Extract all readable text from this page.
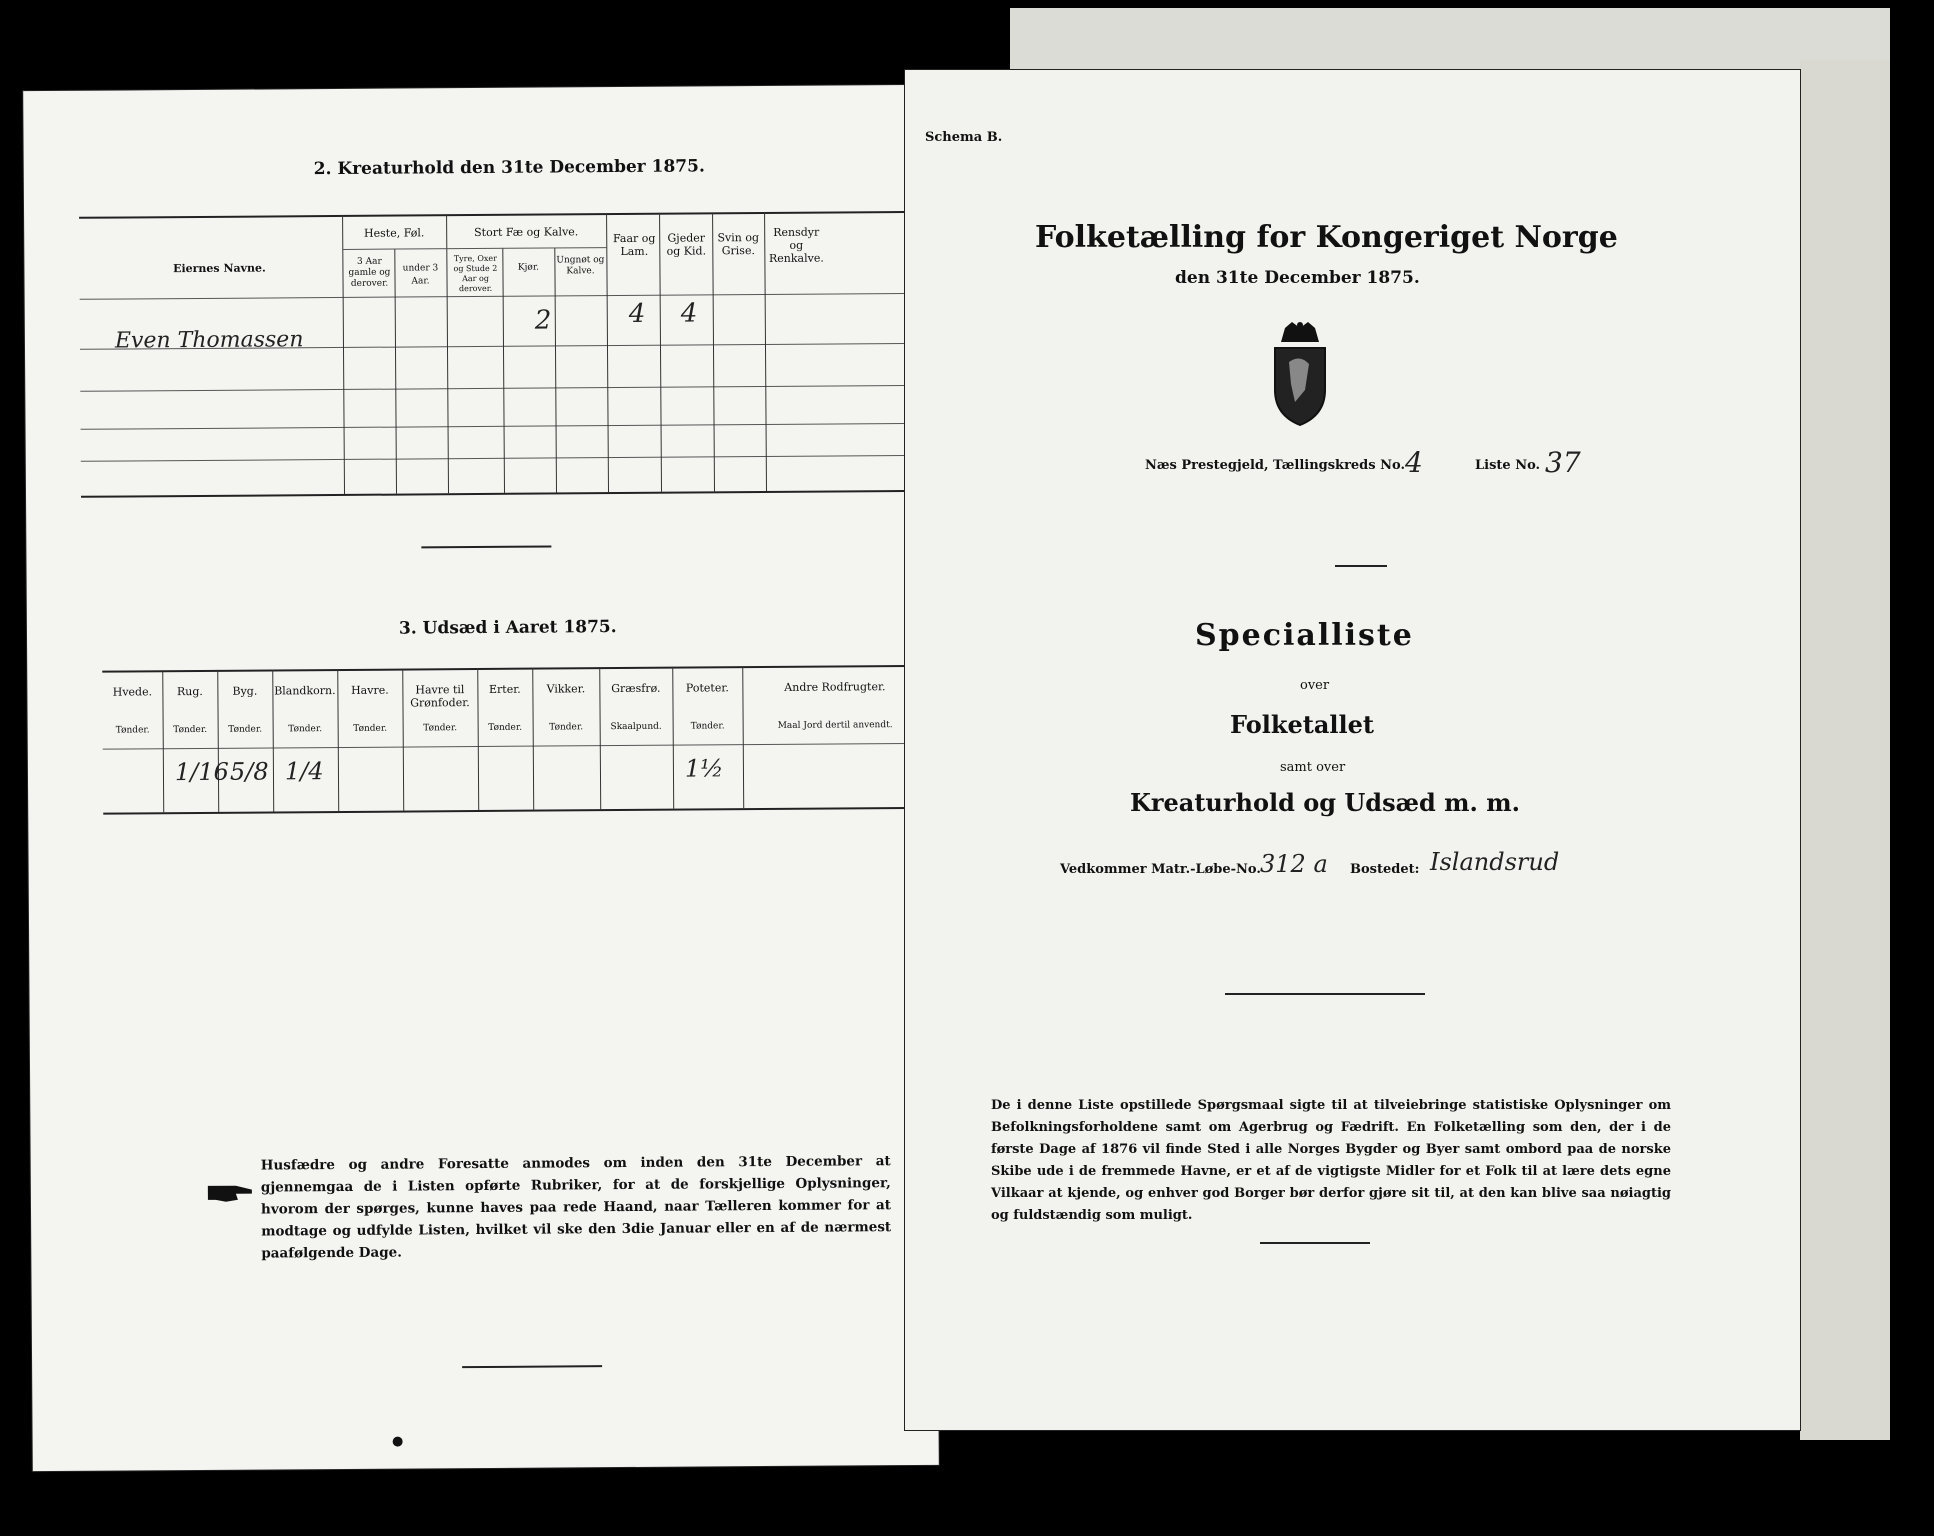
2. Kreaturhold den 31te December 1875.
Eiernes Navne.
Heste, Føl.
3 Aar gamle og derover.
under 3 Aar.
Stort Fæ og Kalve.
Tyre, Oxer og Stude 2 Aar og derover.
Kjør.
Ungnøt og Kalve.
Faar og Lam.
Gjeder og Kid.
Svin og Grise.
Rensdyr og Renkalve.
Even Thomassen
2	4 4
3. Udsæd i Aaret 1875.
Hvede.
Tønder.
Rug.
Tønder.
1/16
Byg.
Tønder.
5/8
Blandkorn.
Tønder.
1/4
Havre.
Tønder.
Havre til Grønfoder.
Tønder.
Erter.
Tønder.
Vikker.
Tønder.
Græsfrø.
Skaalpund.
Poteter.
Tønder.
1½
Andre Rodfrugter.
Maal Jord dertil anvendt.
Husfædre og andre Foresatte anmodes om inden den 31te December at gjennemgaa de i Listen opførte Rubriker, for at de forskjellige Oplysninger, hvorom der spørges, kunne haves paa rede Haand, naar Tælleren kommer for at modtage og udfylde Listen, hvilket vil ske den 3die Januar eller en af de nærmest paafølgende Dage.
Schema B.
Folketælling for Kongeriget Norge
den 31te December 1875.
Næs Prestegjeld, Tællingskreds No. 4	Liste No. 37
Specialliste
over
Folketallet
samt over
Kreaturhold og Udsæd m. m.
Vedkommer Matr.-Løbe-No. 312 a Bostedet: Islandsrud
De i denne Liste opstillede Spørgsmaal sigte til at tilveiebringe statistiske Oplysninger om Befolkningsforholdene samt om Agerbrug og Fædrift. En Folketælling som den, der i de første Dage af 1876 vil finde Sted i alle Norges Bygder og Byer samt ombord paa de norske Skibe ude i de fremmede Havne, er et af de vigtigste Midler for et Folk til at lære dets egne Vilkaar at kjende, og enhver god Borger bør derfor gjøre sit til, at den kan blive saa nøiagtig og fuldstændig som muligt.
